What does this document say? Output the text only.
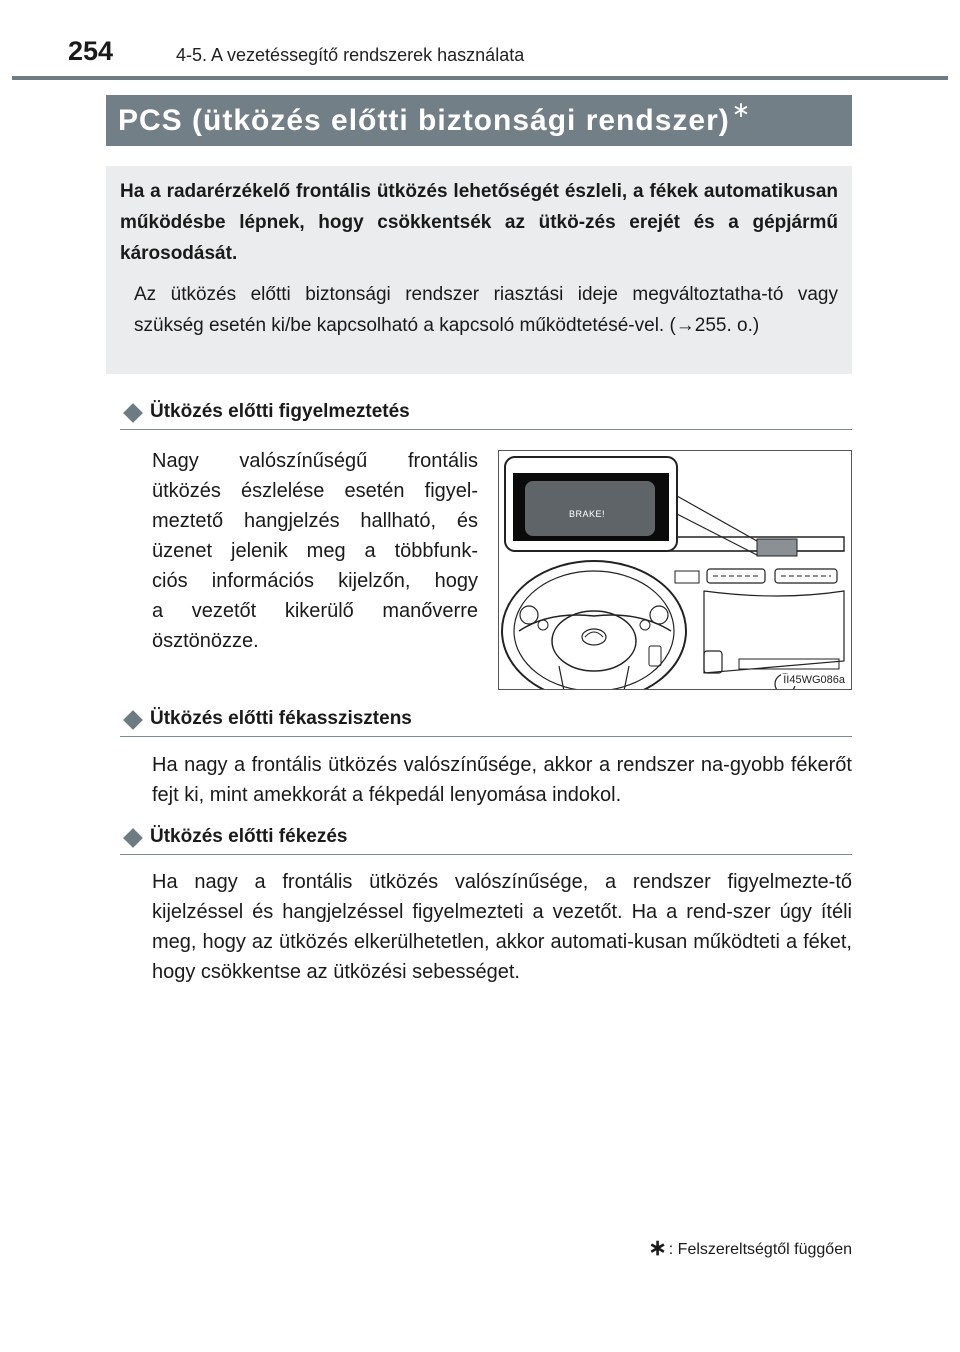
254	4-5. A vezetéssegítő rendszerek használata
PCS (ütközés előtti biztonsági rendszer) ∗
Ha a radarérzékelő frontális ütközés lehetőségét észleli, a fékek automatikusan működésbe lépnek, hogy csökkentsék az ütkö-zés erejét és a gépjármű károsodását.
Az ütközés előtti biztonsági rendszer riasztási ideje megváltoztatha-tó vagy szükség esetén ki/be kapcsolható a kapcsoló működtetésé-vel. (→255. o.)
Ütközés előtti figyelmeztetés
Nagy valószínűségű frontális
ütközés észlelése esetén figyel-
meztető hangjelzés hallható, és
üzenet jelenik meg a többfunk-
ciós információs kijelzőn, hogy
a vezetőt kikerülő manőverre
ösztönözze.
BRAKE!
II45WG086a
Ütközés előtti fékasszisztens
Ha nagy a frontális ütközés valószínűsége, akkor a rendszer na-gyobb fékerőt fejt ki, mint amekkorát a fékpedál lenyomása indokol.
Ütközés előtti fékezés
Ha nagy a frontális ütközés valószínűsége, a rendszer figyelmezte-tő kijelzéssel és hangjelzéssel figyelmezteti a vezetőt. Ha a rend-szer úgy ítéli meg, hogy az ütközés elkerülhetetlen, akkor automati-kusan működteti a féket, hogy csökkentse az ütközési sebességet.
∗ : Felszereltségtől függően
